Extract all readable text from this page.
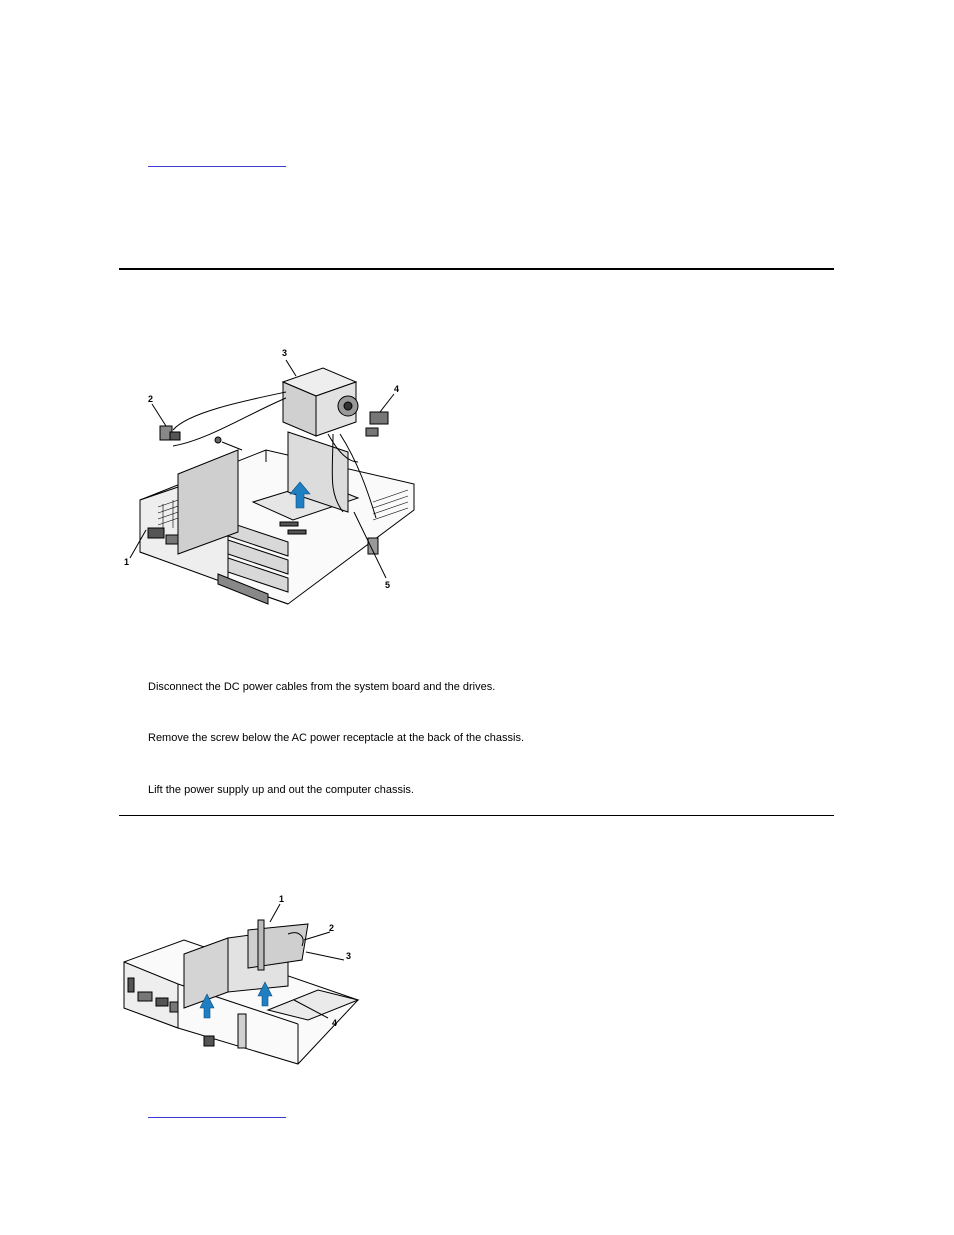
1
2
3
4
5
Disconnect the DC power cables from the system board and the drives.
Remove the screw below the AC power receptacle at the back of the chassis.
Lift the power supply up and out the computer chassis.
1
2
3
4
